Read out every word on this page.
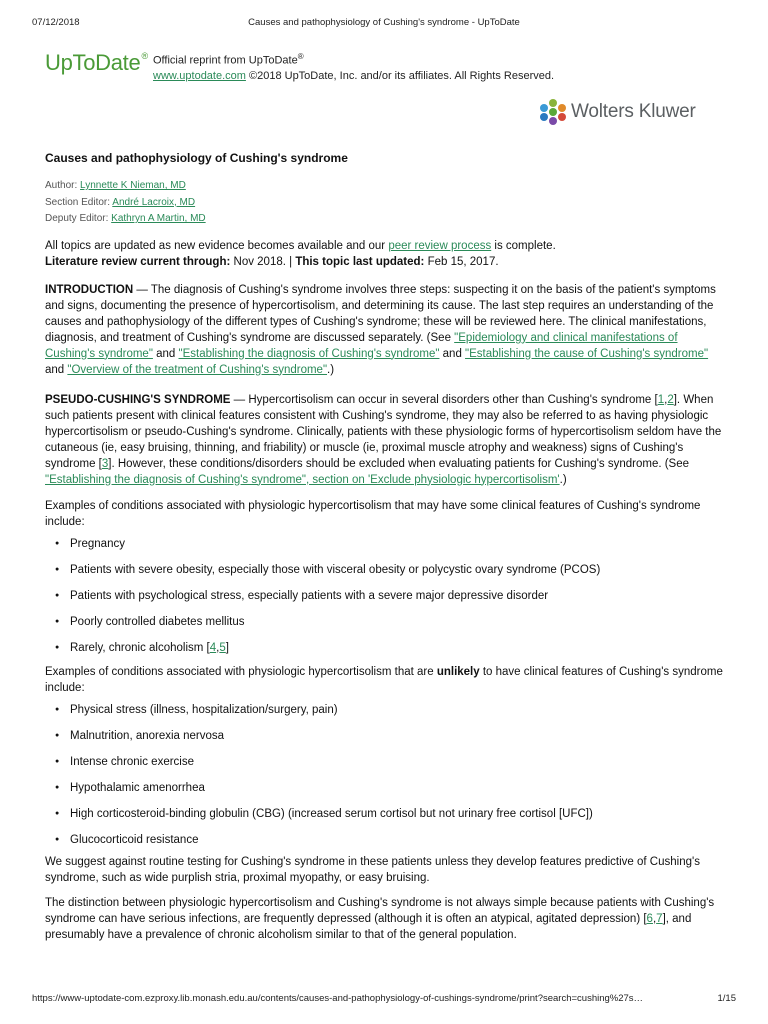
07/12/2018	Causes and pathophysiology of Cushing's syndrome - UpToDate
UpToDate® Official reprint from UpToDate®
www.uptodate.com ©2018 UpToDate, Inc. and/or its affiliates. All Rights Reserved.
Wolters Kluwer
Causes and pathophysiology of Cushing's syndrome
Author: Lynnette K Nieman, MD
Section Editor: André Lacroix, MD
Deputy Editor: Kathryn A Martin, MD
All topics are updated as new evidence becomes available and our peer review process is complete.
Literature review current through: Nov 2018. | This topic last updated: Feb 15, 2017.

INTRODUCTION — The diagnosis of Cushing's syndrome involves three steps: suspecting it on the basis of the patient's symptoms and signs, documenting the presence of hypercortisolism, and determining its cause. The last step requires an understanding of the causes and pathophysiology of the different types of Cushing's syndrome; these will be reviewed here. The clinical manifestations, diagnosis, and treatment of Cushing's syndrome are discussed separately. (See "Epidemiology and clinical manifestations of Cushing's syndrome" and "Establishing the diagnosis of Cushing's syndrome" and "Establishing the cause of Cushing's syndrome" and "Overview of the treatment of Cushing's syndrome".)

PSEUDO-CUSHING'S SYNDROME — Hypercortisolism can occur in several disorders other than Cushing's syndrome [1,2]. When such patients present with clinical features consistent with Cushing's syndrome, they may also be referred to as having physiologic hypercortisolism or pseudo-Cushing's syndrome. Clinically, patients with these physiologic forms of hypercortisolism seldom have the cutaneous (ie, easy bruising, thinning, and friability) or muscle (ie, proximal muscle atrophy and weakness) signs of Cushing's syndrome [3]. However, these conditions/disorders should be excluded when evaluating patients for Cushing's syndrome. (See "Establishing the diagnosis of Cushing's syndrome", section on 'Exclude physiologic hypercortisolism'.)

Examples of conditions associated with physiologic hypercortisolism that may have some clinical features of Cushing's syndrome include:

● Pregnancy
● Patients with severe obesity, especially those with visceral obesity or polycystic ovary syndrome (PCOS)
● Patients with psychological stress, especially patients with a severe major depressive disorder
● Poorly controlled diabetes mellitus
● Rarely, chronic alcoholism [4,5]

Examples of conditions associated with physiologic hypercortisolism that are unlikely to have clinical features of Cushing's syndrome include:

● Physical stress (illness, hospitalization/surgery, pain)
● Malnutrition, anorexia nervosa
● Intense chronic exercise
● Hypothalamic amenorrhea
● High corticosteroid-binding globulin (CBG) (increased serum cortisol but not urinary free cortisol [UFC])
● Glucocorticoid resistance

We suggest against routine testing for Cushing's syndrome in these patients unless they develop features predictive of Cushing's syndrome, such as wide purplish stria, proximal myopathy, or easy bruising.

The distinction between physiologic hypercortisolism and Cushing's syndrome is not always simple because patients with Cushing's syndrome can have serious infections, are frequently depressed (although it is often an atypical, agitated depression) [6,7], and presumably have a prevalence of chronic alcoholism similar to that of the general population.

https://www-uptodate-com.ezproxy.lib.monash.edu.au/contents/causes-and-pathophysiology-of-cushings-syndrome/print?search=cushing%27s…	1/15
